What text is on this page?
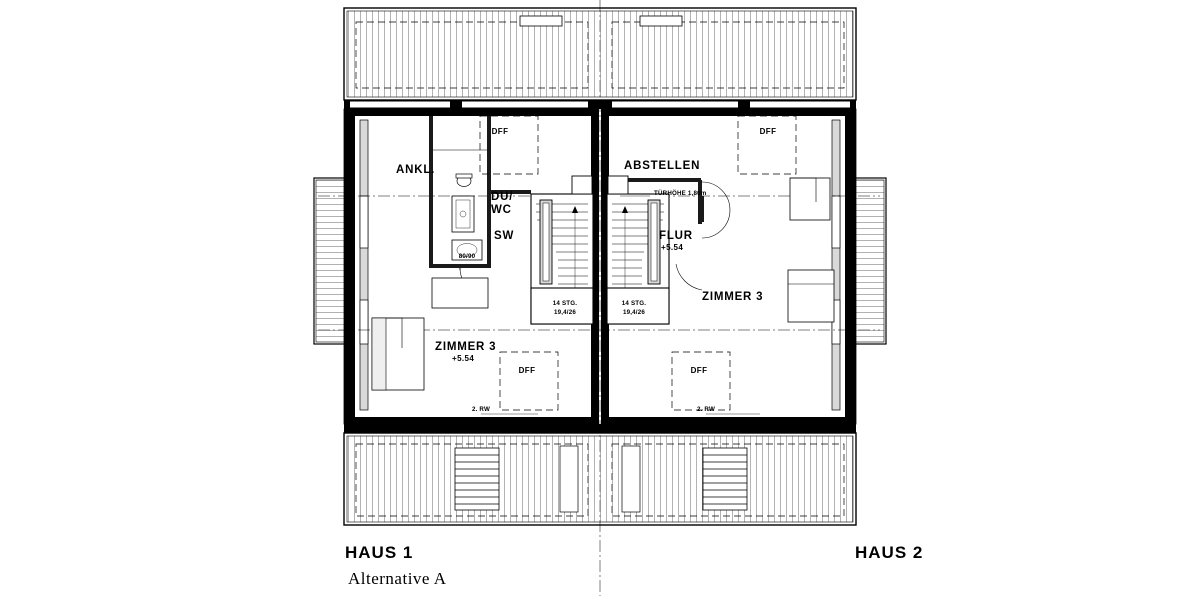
ANKL.
DU/
WC
SW
ZIMMER 3
+5.54
ABSTELLEN
FLUR
+5.54
ZIMMER 3
DFF	DFF
DFF	DFF
80/90
TÜRHÖHE 1,80m
2. RW	2. RW
14 STG.
19,4/26
14 STG.
19,4/26
HAUS 1	HAUS 2
Alternative A
